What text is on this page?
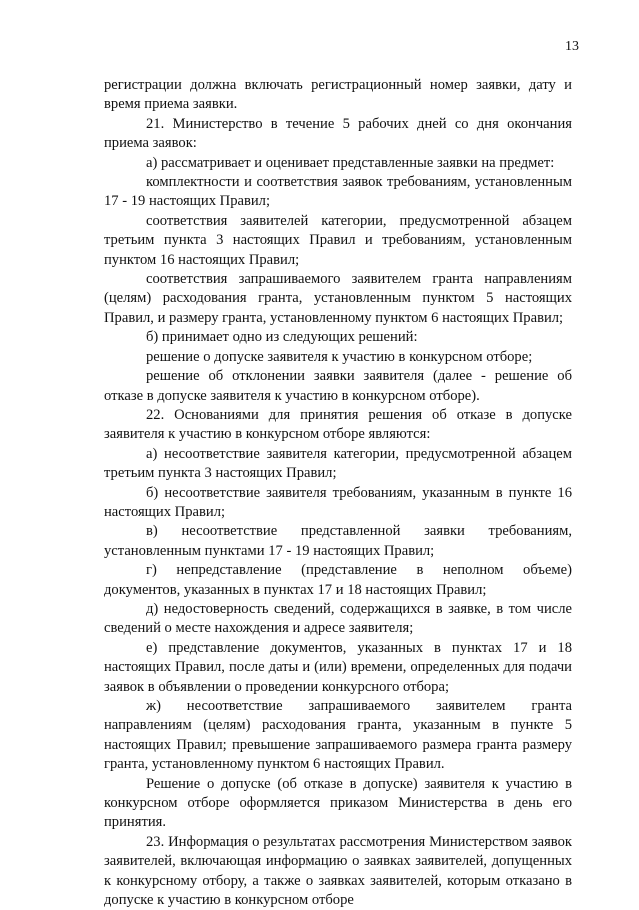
13

регистрации должна включать регистрационный номер заявки, дату и время приема заявки.

21. Министерство в течение 5 рабочих дней со дня окончания приема заявок:

а) рассматривает и оценивает представленные заявки на предмет:

комплектности и соответствия заявок требованиям, установленным 17 - 19 настоящих Правил;

соответствия заявителей категории, предусмотренной абзацем третьим пункта 3 настоящих Правил и требованиям, установленным пунктом 16 настоящих Правил;

соответствия запрашиваемого заявителем гранта направлениям (целям) расходования гранта, установленным пунктом 5 настоящих Правил, и размеру гранта, установленному пунктом 6 настоящих Правил;

б) принимает одно из следующих решений:

решение о допуске заявителя к участию в конкурсном отборе;

решение об отклонении заявки заявителя (далее - решение об отказе в допуске заявителя к участию в конкурсном отборе).

22. Основаниями для принятия решения об отказе в допуске заявителя к участию в конкурсном отборе являются:

а) несоответствие заявителя категории, предусмотренной абзацем третьим пункта 3 настоящих Правил;

б) несоответствие заявителя требованиям, указанным в пункте 16 настоящих Правил;

в) несоответствие представленной заявки требованиям, установленным пунктами 17 - 19 настоящих Правил;

г) непредставление (представление в неполном объеме) документов, указанных в пунктах 17 и 18 настоящих Правил;

д) недостоверность сведений, содержащихся в заявке, в том числе сведений о месте нахождения и адресе заявителя;

е) представление документов, указанных в пунктах 17 и 18 настоящих Правил, после даты и (или) времени, определенных для подачи заявок в объявлении о проведении конкурсного отбора;

ж) несоответствие запрашиваемого заявителем гранта направлениям (целям) расходования гранта, указанным в пункте 5 настоящих Правил; превышение запрашиваемого размера гранта размеру гранта, установленному пунктом 6 настоящих Правил.

Решение о допуске (об отказе в допуске) заявителя к участию в конкурсном отборе оформляется приказом Министерства в день его принятия.

23. Информация о результатах рассмотрения Министерством заявок заявителей, включающая информацию о заявках заявителей, допущенных к конкурсному отбору, а также о заявках заявителей, которым отказано в допуске к участию в конкурсном отборе
